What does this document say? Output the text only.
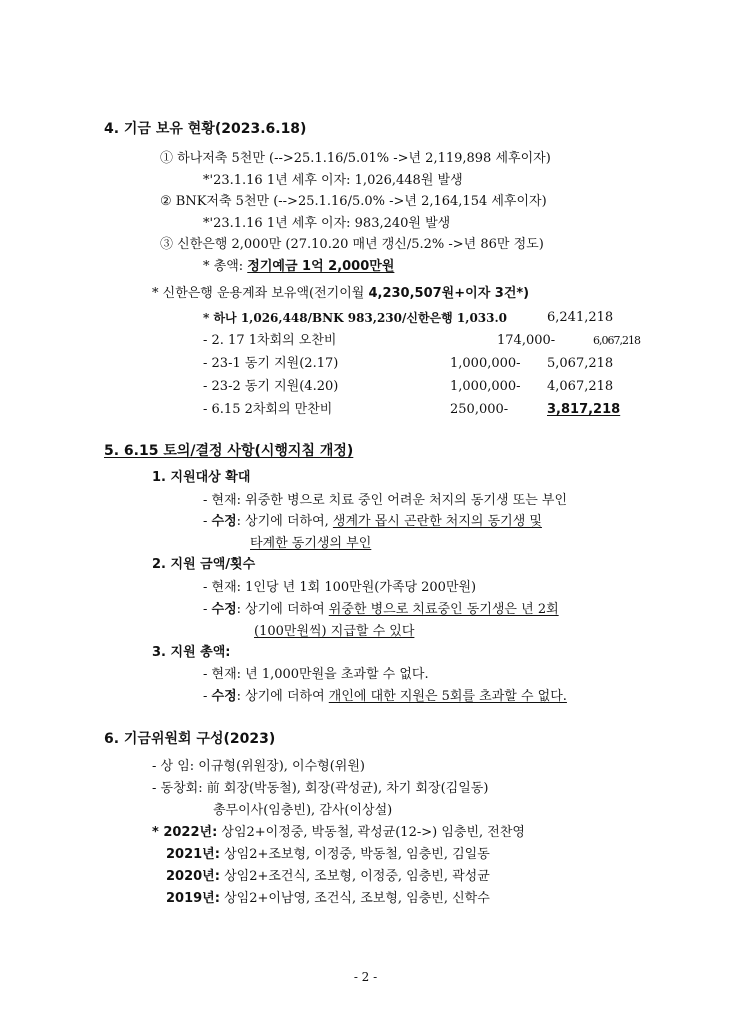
4. 기금 보유 현황(2023.6.18)
① 하나저축 5천만 (-->25.1.16/5.01% ->년 2,119,898 세후이자)
*'23.1.16 1년 세후 이자: 1,026,448원 발생
② BNK저축 5천만 (-->25.1.16/5.0% ->년 2,164,154 세후이자)
*'23.1.16 1년 세후 이자: 983,240원 발생
③ 신한은행 2,000만 (27.10.20 매년 갱신/5.2% ->년 86만 정도)
* 총액: 정기예금 1억 2,000만원
* 신한은행 운용계좌 보유액(전기이월 4,230,507원+이자 3건*)
* 하나 1,026,448/BNK 983,230/신한은행 1,033.0	6,241,218
- 2. 17 1차회의 오찬비	174,000-	6,067,218
- 23-1 동기 지원(2.17)	1,000,000- 5,067,218
- 23-2 동기 지원(4.20)	1,000,000- 4,067,218
- 6.15 2차회의 만찬비	250,000-	3,817,218
5. 6.15 토의/결정 사항(시행지침 개정)
1. 지원대상 확대
- 현재: 위중한 병으로 치료 중인 어려운 처지의 동기생 또는 부인
- 수정: 상기에 더하여, 생계가 몹시 곤란한 처지의 동기생 및
타계한 동기생의 부인
2. 지원 금액/횟수
- 현재: 1인당 년 1회 100만원(가족당 200만원)
- 수정: 상기에 더하여 위중한 병으로 치료중인 동기생은 년 2회
(100만원씩) 지급할 수 있다
3. 지원 총액:
- 현재: 년 1,000만원을 초과할 수 없다.
- 수정: 상기에 더하여 개인에 대한 지원은 5회를 초과할 수 없다.
6. 기금위원회 구성(2023)
- 상 임: 이규형(위원장), 이수형(위원)
- 동창회: 前 회장(박동철), 회장(곽성균), 차기 회장(김일동)
총무이사(임충빈), 감사(이상설)
* 2022년: 상임2+이정중, 박동철, 곽성균(12->) 임충빈, 전찬영
2021년: 상임2+조보형, 이정중, 박동철, 임충빈, 김일동
2020년: 상임2+조건식, 조보형, 이정중, 임충빈, 곽성균
2019년: 상임2+이남영, 조건식, 조보형, 임충빈, 신학수
- 2 -
